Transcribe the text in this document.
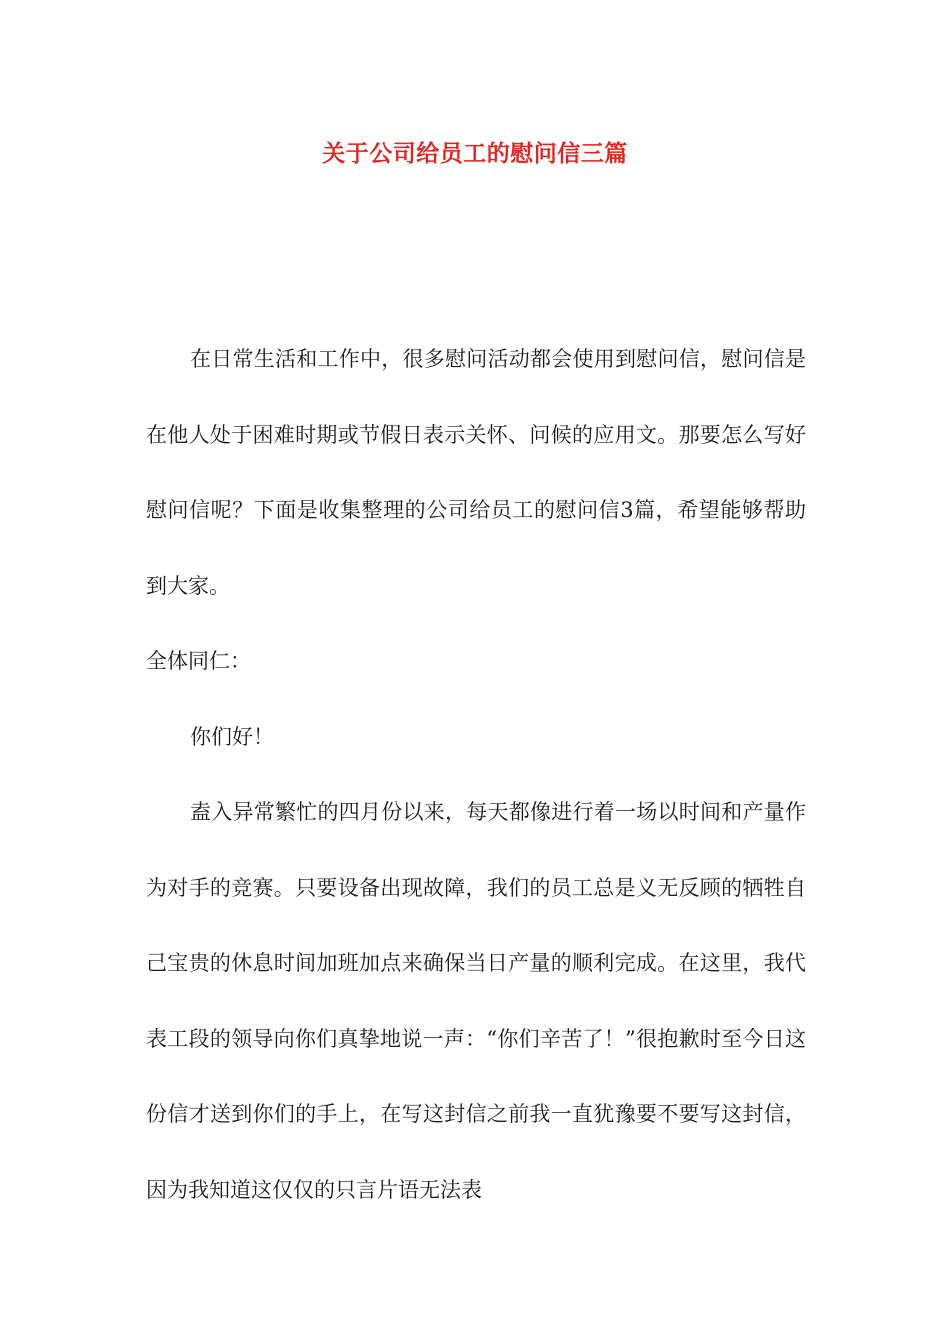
关于公司给员工的慰问信三篇

在日常生活和工作中，很多慰问活动都会使用到慰问信，慰问信是在他人处于困难时期或节假日表示关怀、问候的应用文。那要怎么写好慰问信呢？下面是收集整理的公司给员工的慰问信3篇，希望能够帮助到大家。

全体同仁：

你们好！

盍入异常繁忙的四月份以来，每天都像进行着一场以时间和产量作为对手的竞赛。只要设备出现故障，我们的员工总是义无反顾的牺牲自己宝贵的休息时间加班加点来确保当日产量的顺利完成。在这里，我代表工段的领导向你们真挚地说一声：“你们辛苦了！”很抱歉时至今日这份信才送到你们的手上，在写这封信之前我一直犹豫要不要写这封信，因为我知道这仅仅的只言片语无法表
